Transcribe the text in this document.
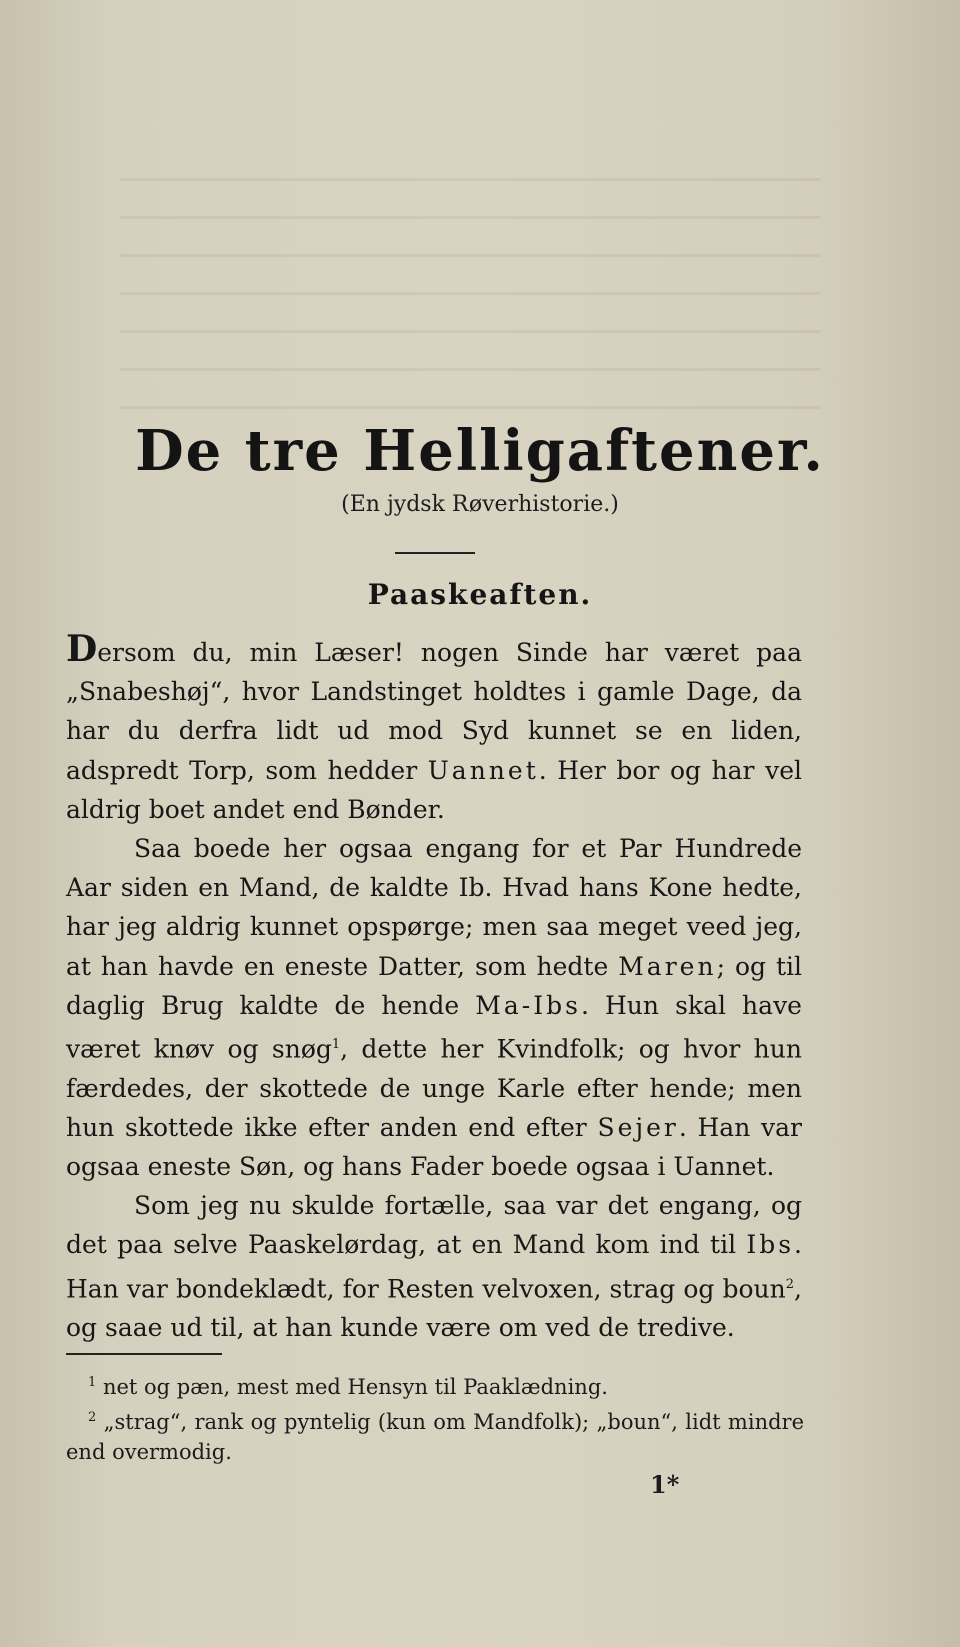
De tre Helligaftener.
(En jydsk Røverhistorie.)
Paaskeaften.

Dersom du, min Læser! nogen Sinde har været paa „Snabeshøj“, hvor Landstinget holdtes i gamle Dage, da har du derfra lidt ud mod Syd kunnet se en liden, adspredt Torp, som hedder Uannet. Her bor og har vel aldrig boet andet end Bønder.

Saa boede her ogsaa engang for et Par Hundrede Aar siden en Mand, de kaldte Ib. Hvad hans Kone hedte, har jeg aldrig kunnet opspørge; men saa meget veed jeg, at han havde en eneste Datter, som hedte Maren; og til daglig Brug kaldte de hende Ma-Ibs. Hun skal have været knøv og snøg$^1$, dette her Kvindfolk; og hvor hun færdedes, der skottede de unge Karle efter hende; men hun skottede ikke efter anden end efter Sejer. Han var ogsaa eneste Søn, og hans Fader boede ogsaa i Uannet.

Som jeg nu skulde fortælle, saa var det engang, og det paa selve Paaskelørdag, at en Mand kom ind til Ibs. Han var bondeklædt, for Resten velvoxen, strag og boun$^2$, og saae ud til, at han kunde være om ved de tredive.

$^1$ net og pæn, mest med Hensyn til Paaklædning.

$^2$ „strag“, rank og pyntelig (kun om Mandfolk); „boun“, lidt mindre end overmodig.

1*
